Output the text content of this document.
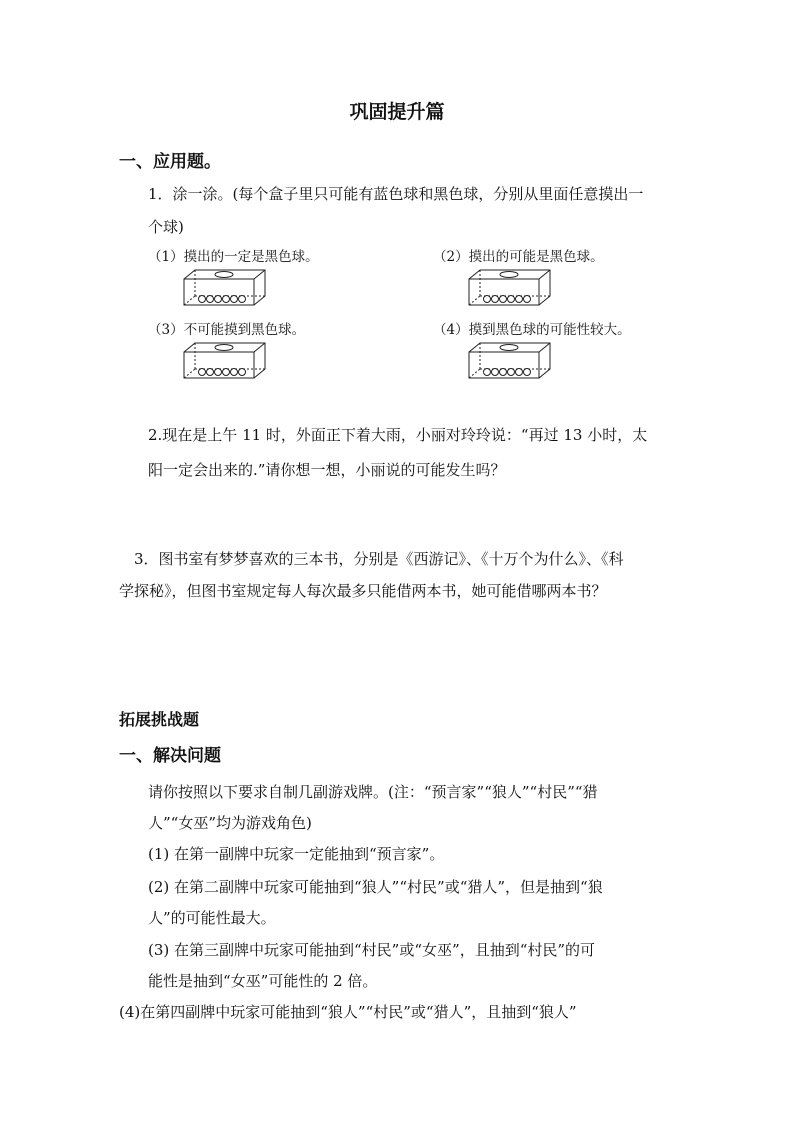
巩固提升篇
一、应用题。
1．涂一涂。(每个盒子里只可能有蓝色球和黑色球，分别从里面任意摸出一
个球)
（1）摸出的一定是黑色球。	（2）摸出的可能是黑色球。
（3）不可能摸到黑色球。	（4）摸到黑色球的可能性较大。
2.现在是上午 11 时，外面正下着大雨，小丽对玲玲说：“再过 13 小时，太
阳一定会出来的.”请你想一想，小丽说的可能发生吗？
3．图书室有梦梦喜欢的三本书，分别是《西游记》、《十万个为什么》、《科
学探秘》，但图书室规定每人每次最多只能借两本书，她可能借哪两本书？
拓展挑战题
一、解决问题
请你按照以下要求自制几副游戏牌。(注：“预言家”“狼人”“村民”“猎
人”“女巫”均为游戏角色)
(1) 在第一副牌中玩家一定能抽到“预言家”。
(2) 在第二副牌中玩家可能抽到“狼人”“村民”或“猎人”，但是抽到“狼
人”的可能性最大。
(3) 在第三副牌中玩家可能抽到“村民”或“女巫”，且抽到“村民”的可
能性是抽到“女巫”可能性的 2 倍。
(4)在第四副牌中玩家可能抽到“狼人”“村民”或“猎人”，且抽到“狼人”
